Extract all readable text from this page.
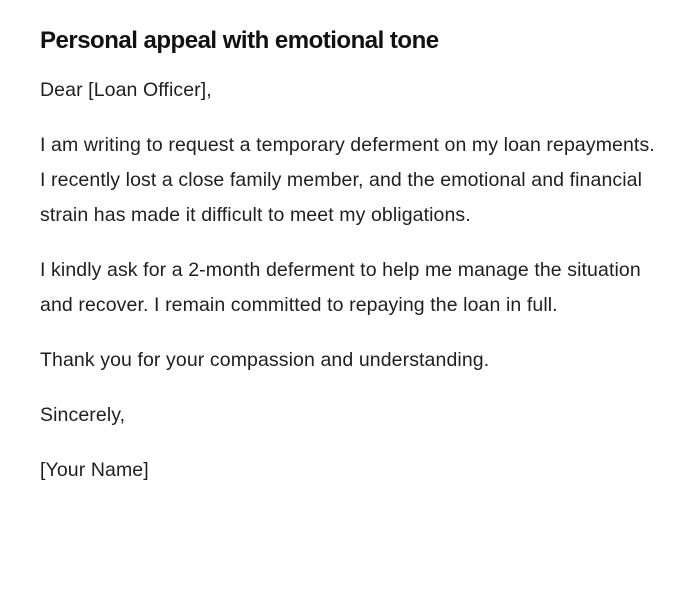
Personal appeal with emotional tone

Dear [Loan Officer],

I am writing to request a temporary deferment on my loan repayments. I recently lost a close family member, and the emotional and financial strain has made it difficult to meet my obligations.

I kindly ask for a 2-month deferment to help me manage the situation and recover. I remain committed to repaying the loan in full.

Thank you for your compassion and understanding.

Sincerely,

[Your Name]
